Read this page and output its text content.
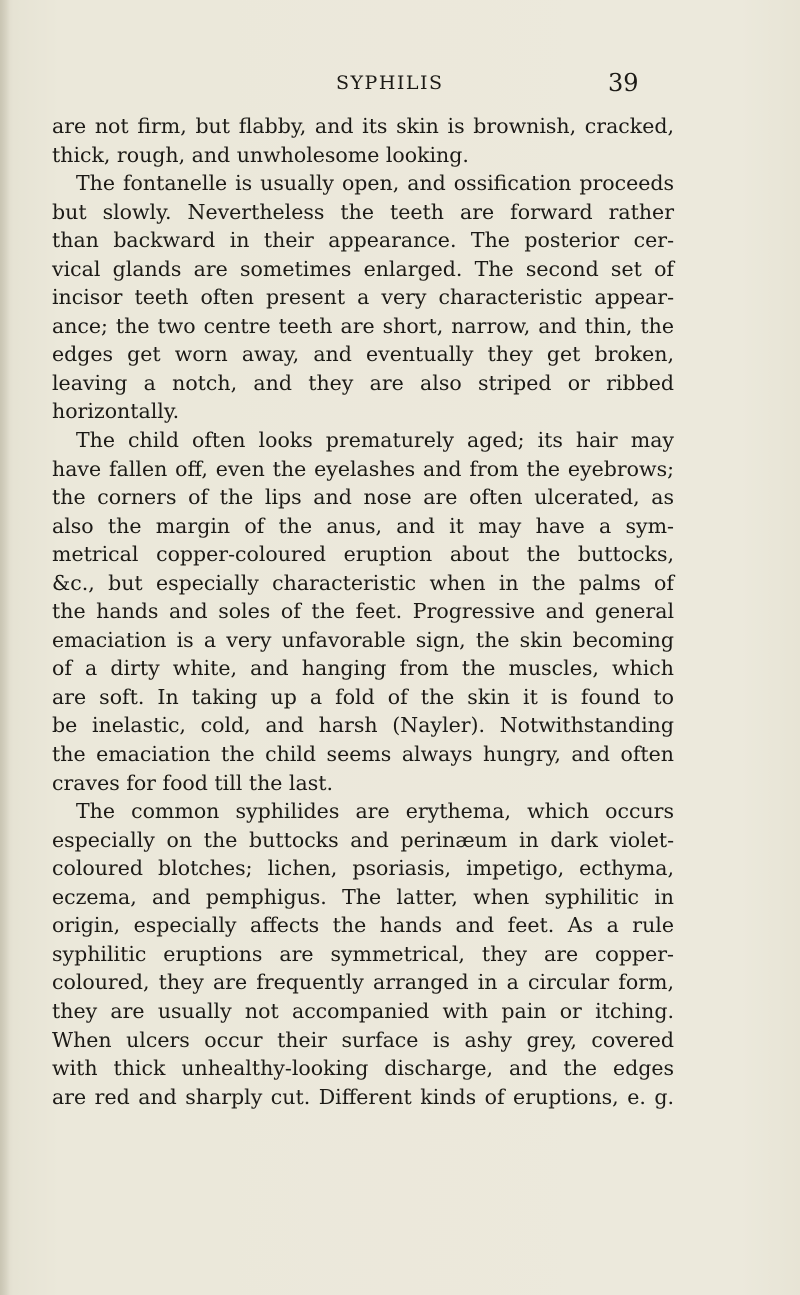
SYPHILIS	39
are not firm, but flabby, and its skin is brownish, cracked,
thick, rough, and unwholesome looking.
The fontanelle is usually open, and ossification proceeds
but slowly. Nevertheless the teeth are forward rather
than backward in their appearance. The posterior cer-
vical glands are sometimes enlarged. The second set of
incisor teeth often present a very characteristic appear-
ance; the two centre teeth are short, narrow, and thin, the
edges get worn away, and eventually they get broken,
leaving a notch, and they are also striped or ribbed
horizontally.
The child often looks prematurely aged; its hair may
have fallen off, even the eyelashes and from the eyebrows;
the corners of the lips and nose are often ulcerated, as
also the margin of the anus, and it may have a sym-
metrical copper-coloured eruption about the buttocks,
&c., but especially characteristic when in the palms of
the hands and soles of the feet. Progressive and general
emaciation is a very unfavorable sign, the skin becoming
of a dirty white, and hanging from the muscles, which
are soft. In taking up a fold of the skin it is found to
be inelastic, cold, and harsh (Nayler). Notwithstanding
the emaciation the child seems always hungry, and often
craves for food till the last.
The common syphilides are erythema, which occurs
especially on the buttocks and perinæum in dark violet-
coloured blotches; lichen, psoriasis, impetigo, ecthyma,
eczema, and pemphigus. The latter, when syphilitic in
origin, especially affects the hands and feet. As a rule
syphilitic eruptions are symmetrical, they are copper-
coloured, they are frequently arranged in a circular form,
they are usually not accompanied with pain or itching.
When ulcers occur their surface is ashy grey, covered
with thick unhealthy-looking discharge, and the edges
are red and sharply cut. Different kinds of eruptions, e. g.
